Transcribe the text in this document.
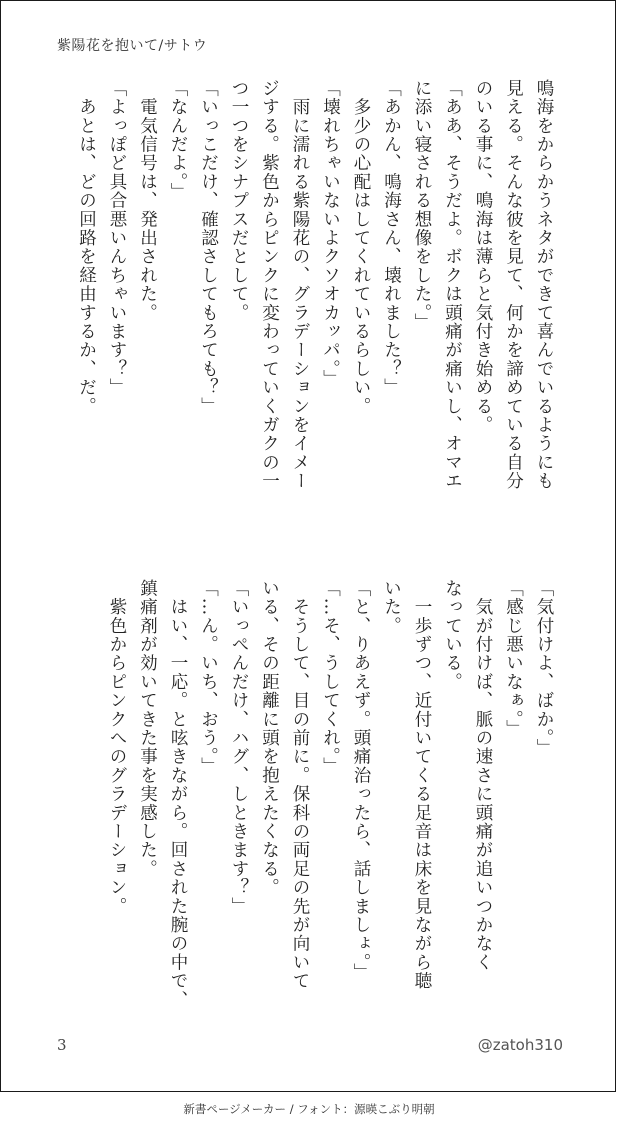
紫陽花を抱いて/サトウ
鳴海をからかうネタができて喜んでいるようにも
見える。そんな彼を見て、何かを諦めている自分
のいる事に、鳴海は薄らと気付き始める。
「ああ、そうだよ。ボクは頭痛が痛いし、オマエ
に添い寝される想像をした。」
「あかん、鳴海さん、壊れました？」
　多少の心配はしてくれているらしい。
「壊れちゃいないよクソオカッパ。」
　雨に濡れる紫陽花の、グラデーションをイメー
ジする。紫色からピンクに変わっていくガクの一
つ一つをシナプスだとして。
「いっこだけ、確認さしてもろても？」
「なんだよ。」
　電気信号は、発出された。
「よっぽど具合悪いんちゃいます？」
　あとは、どの回路を経由するか、だ。
「気付けよ、ばか。」
「感じ悪いなぁ。」
　気が付けば、脈の速さに頭痛が追いつかなく
なっている。
　一歩ずつ、近付いてくる足音は床を見ながら聴
いた。
「と、りあえず。頭痛治ったら、話しましょ。」
「…そ、うしてくれ。」
　そうして、目の前に。保科の両足の先が向いて
いる、その距離に頭を抱えたくなる。
「いっぺんだけ、ハグ、しときます？」
「…ん。いち、おう。」
　はい、一応。と呟きながら。回された腕の中で、
鎮痛剤が効いてきた事を実感した。
　紫色からピンクへのグラデーション。
3	@zatoh310
新書ページメーカー / フォント：源暎こぶり明朝
